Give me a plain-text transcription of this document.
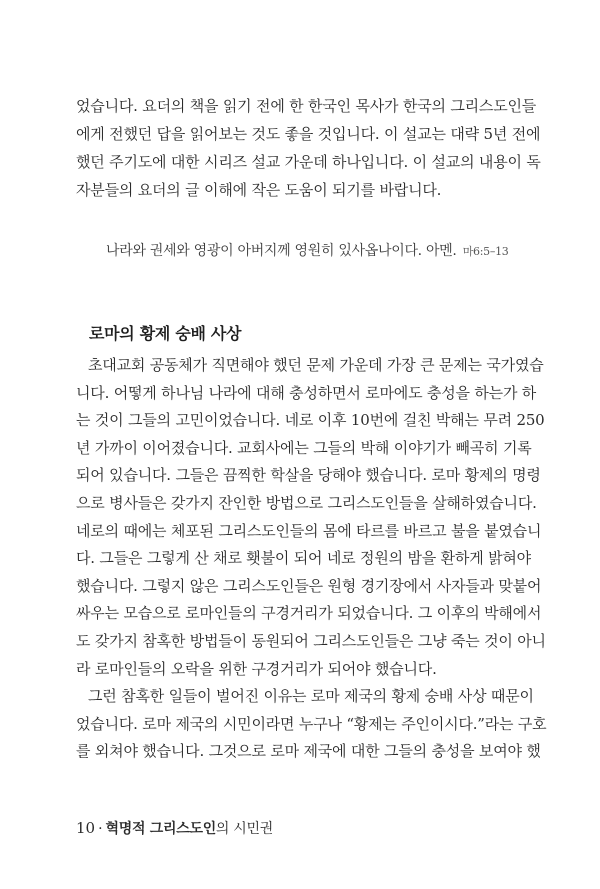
었습니다. 요더의 책을 읽기 전에 한 한국인 목사가 한국의 그리스도인들
에게 전했던 답을 읽어보는 것도 좋을 것입니다. 이 설교는 대략 5년 전에
했던 주기도에 대한 시리즈 설교 가운데 하나입니다. 이 설교의 내용이 독
자분들의 요더의 글 이해에 작은 도움이 되기를 바랍니다.
나라와 권세와 영광이 아버지께 영원히 있사옵나이다. 아멘. 마6:5–13
로마의 황제 숭배 사상
초대교회 공동체가 직면해야 했던 문제 가운데 가장 큰 문제는 국가였습
니다. 어떻게 하나님 나라에 대해 충성하면서 로마에도 충성을 하는가 하
는 것이 그들의 고민이었습니다. 네로 이후 10번에 걸친 박해는 무려 250
년 가까이 이어졌습니다. 교회사에는 그들의 박해 이야기가 빼곡히 기록
되어 있습니다. 그들은 끔찍한 학살을 당해야 했습니다. 로마 황제의 명령
으로 병사들은 갖가지 잔인한 방법으로 그리스도인들을 살해하였습니다.
네로의 때에는 체포된 그리스도인들의 몸에 타르를 바르고 불을 붙였습니
다. 그들은 그렇게 산 채로 횃불이 되어 네로 정원의 밤을 환하게 밝혀야
했습니다. 그렇지 않은 그리스도인들은 원형 경기장에서 사자들과 맞붙어
싸우는 모습으로 로마인들의 구경거리가 되었습니다. 그 이후의 박해에서
도 갖가지 참혹한 방법들이 동원되어 그리스도인들은 그냥 죽는 것이 아니
라 로마인들의 오락을 위한 구경거리가 되어야 했습니다.
그런 참혹한 일들이 벌어진 이유는 로마 제국의 황제 숭배 사상 때문이
었습니다. 로마 제국의 시민이라면 누구나 “황제는 주인이시다.”라는 구호
를 외쳐야 했습니다. 그것으로 로마 제국에 대한 그들의 충성을 보여야 했
10 · 혁명적 그리스도인의 시민권
